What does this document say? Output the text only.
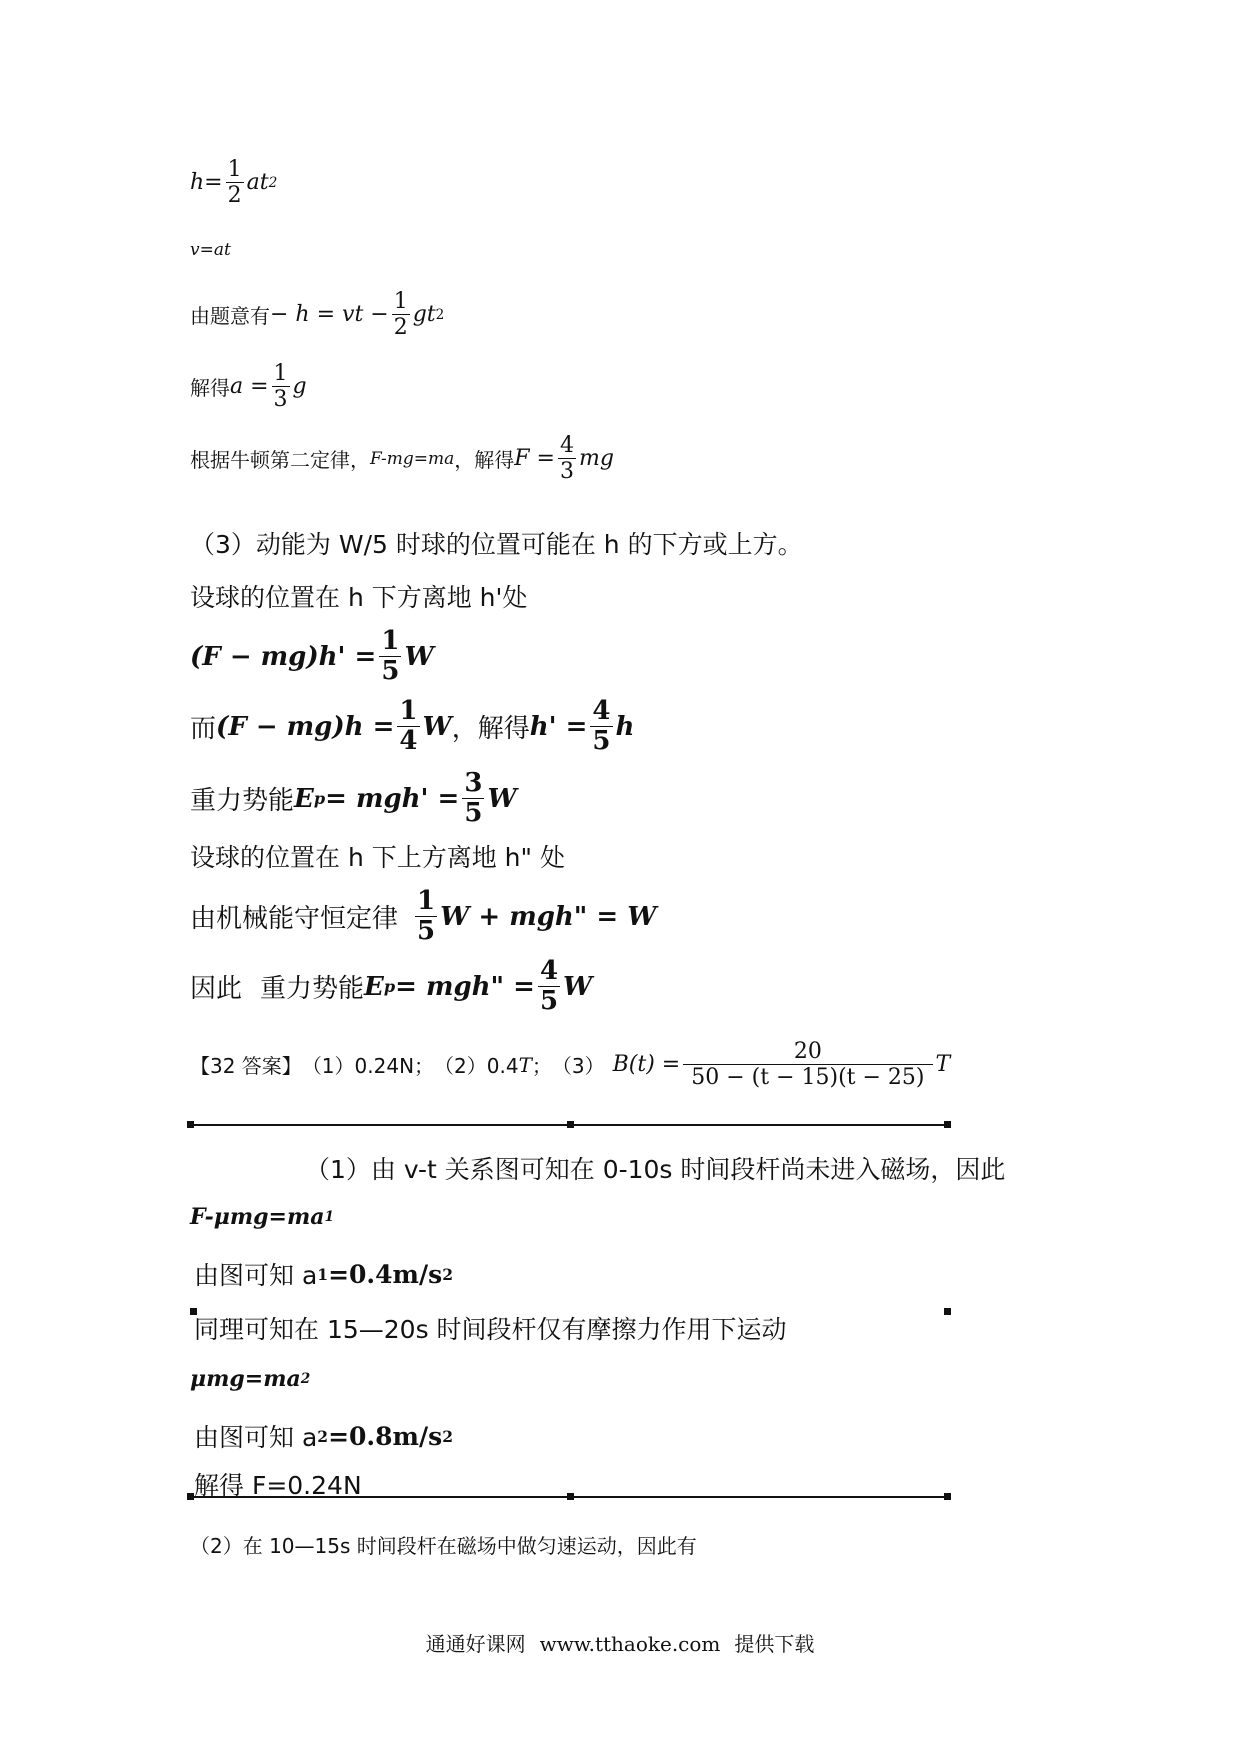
$h = \frac{1}{2}$ at 2
v=at
由题意有 − h = vt − $\frac{1}{2}$ gt 2
解得 $a = \frac{1}{3}$ g
根据牛顿第二定律， F-mg=ma ，解得 $F = \frac{4}{3}$ mg
（3）动能为 W/5 时球的位置可能在 h 的下方或上方。
设球的位置在 h 下方离地 h'处
$(F - mg)h' = \frac{1}{5}$ W
而 $(F - mg)h = \frac{1}{4}$ W ，解得 $h' = \frac{4}{5}$ h
重力势能 E $p = mgh' = \frac{3}{5}$ W
设球的位置在 h 下上方离地 h" 处
由机械能守恒定律 $\frac{1}{5}$ W + mgh" = W
因此 重力势能 E p = mgh" = $\frac{4}{5}$ W
【32 答案】 （1）0.24N； （2）0.4 T ； （3） $B(t) = \frac{20}{50 - (t - 15)(t - 25)}$ T
（1）由 v-t 关系图可知在 0-10s 时间段杆尚未进入磁场，因此
F-μmg=ma 1
由图可知 a 1 =0.4m/s 2
同理可知在 15—20s 时间段杆仅有摩擦力作用下运动
μmg=ma 2
由图可知 a 2 =0.8m/s 2
解得 F=0.24N
（2）在 10—15s 时间段杆在磁场中做匀速运动，因此有
通通好课网 www.tthaoke.com 提供下载
